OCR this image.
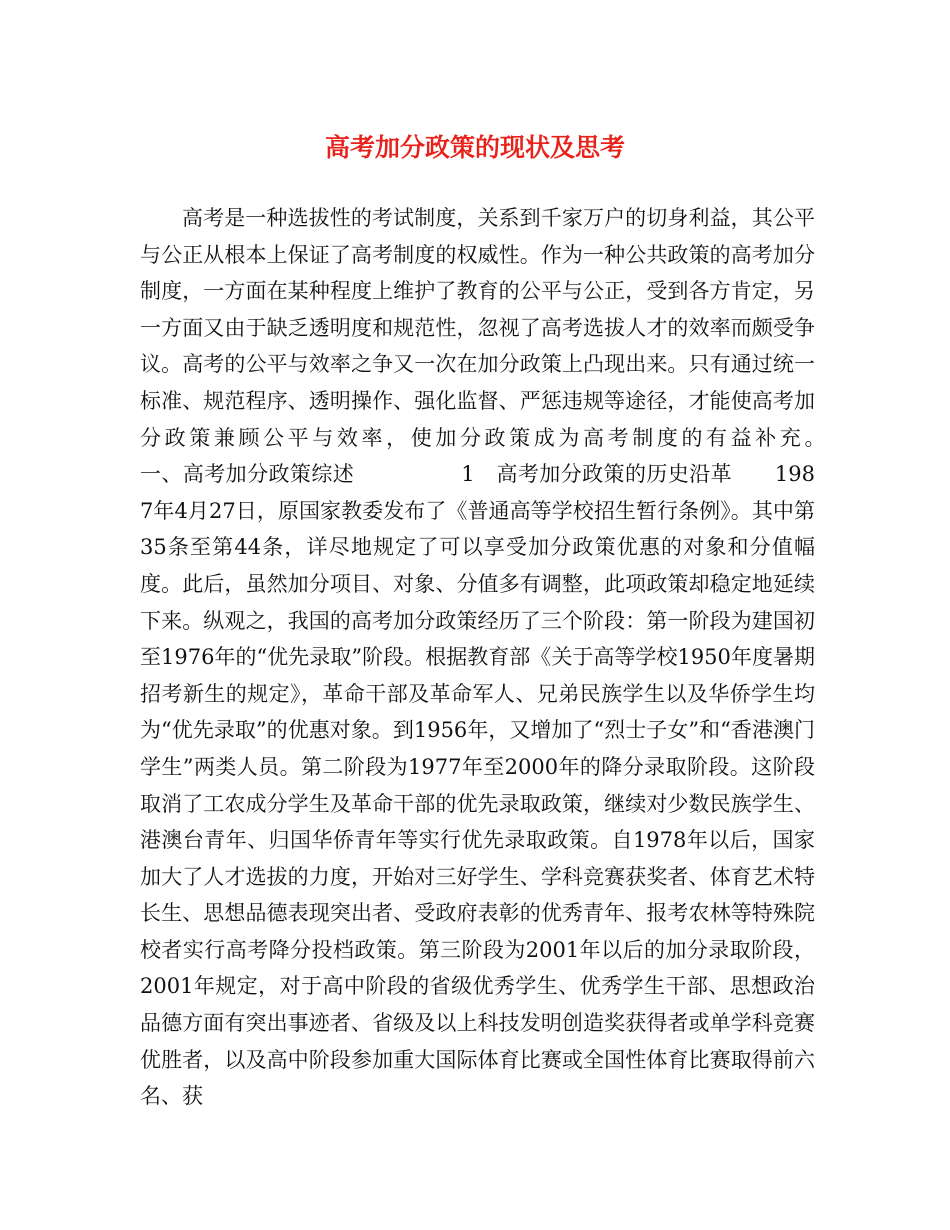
高考加分政策的现状及思考

高考是一种选拔性的考试制度，关系到千家万户的切身利益，其公平与公正从根本上保证了高考制度的权威性。作为一种公共政策的高考加分制度，一方面在某种程度上维护了教育的公平与公正，受到各方肯定，另一方面又由于缺乏透明度和规范性，忽视了高考选拔人才的效率而颇受争议。高考的公平与效率之争又一次在加分政策上凸现出来。只有通过统一标准、规范程序、透明操作、强化监督、严惩违规等途径，才能使高考加分政策兼顾公平与效率，使加分政策成为高考制度的有益补充。　　　　　一、高考加分政策综述　　　　　1　高考加分政策的历史沿革　　1987年4月27日，原国家教委发布了《普通高等学校招生暂行条例》。其中第35条至第44条，详尽地规定了可以享受加分政策优惠的对象和分值幅度。此后，虽然加分项目、对象、分值多有调整，此项政策却稳定地延续下来。纵观之，我国的高考加分政策经历了三个阶段：第一阶段为建国初至1976年的“优先录取”阶段。根据教育部《关于高等学校1950年度暑期招考新生的规定》，革命干部及革命军人、兄弟民族学生以及华侨学生均为“优先录取”的优惠对象。到1956年，又增加了“烈士子女”和“香港澳门学生”两类人员。第二阶段为1977年至2000年的降分录取阶段。这阶段取消了工农成分学生及革命干部的优先录取政策，继续对少数民族学生、港澳台青年、归国华侨青年等实行优先录取政策。自1978年以后，国家加大了人才选拔的力度，开始对三好学生、学科竞赛获奖者、体育艺术特长生、思想品德表现突出者、受政府表彰的优秀青年、报考农林等特殊院校者实行高考降分投档政策。第三阶段为2001年以后的加分录取阶段，2001年规定，对于高中阶段的省级优秀学生、优秀学生干部、思想政治品德方面有突出事迹者、省级及以上科技发明创造奖获得者或单学科竞赛优胜者，以及高中阶段参加重大国际体育比赛或全国性体育比赛取得前六名、获
